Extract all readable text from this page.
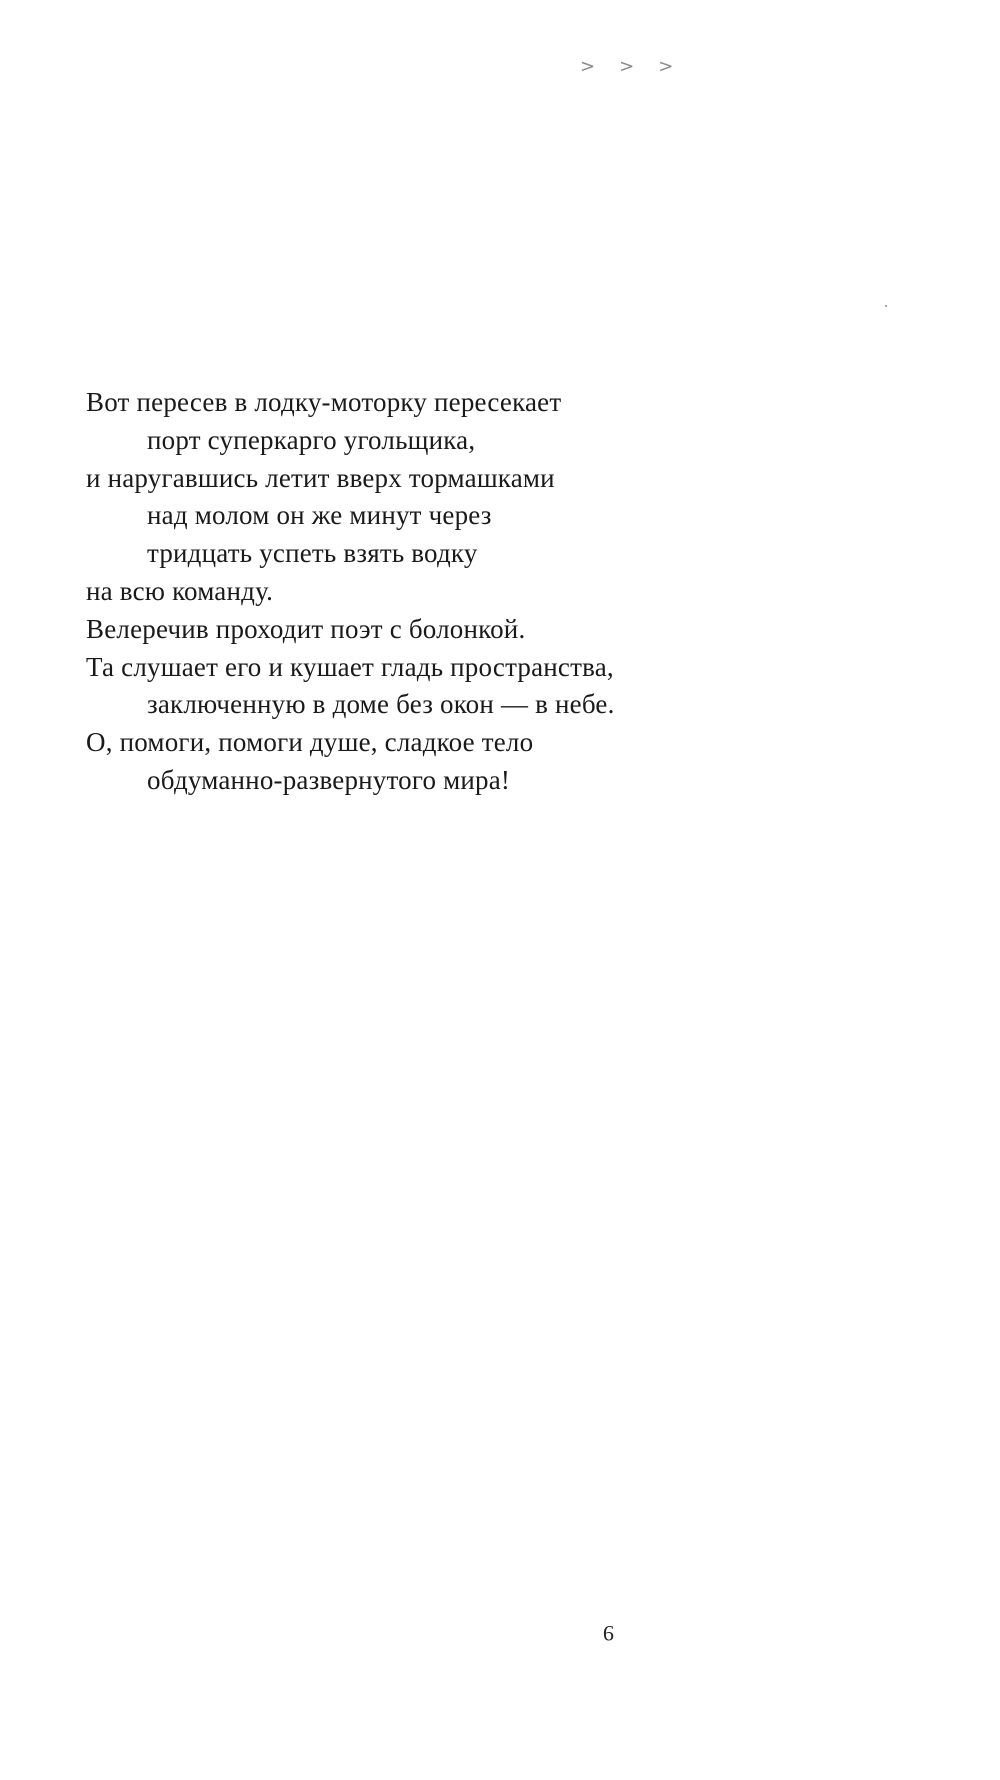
> > >
Вот пересев в лодку-моторку пересекает
порт суперкарго угольщика,
и наругавшись летит вверх тормашками
над молом он же минут через
тридцать успеть взять водку
на всю команду.
Велеречив проходит поэт с болонкой.
Та слушает его и кушает гладь пространства,
заключенную в доме без окон — в небе.
О, помоги, помоги душе, сладкое тело
обдуманно-развернутого мира!
9
